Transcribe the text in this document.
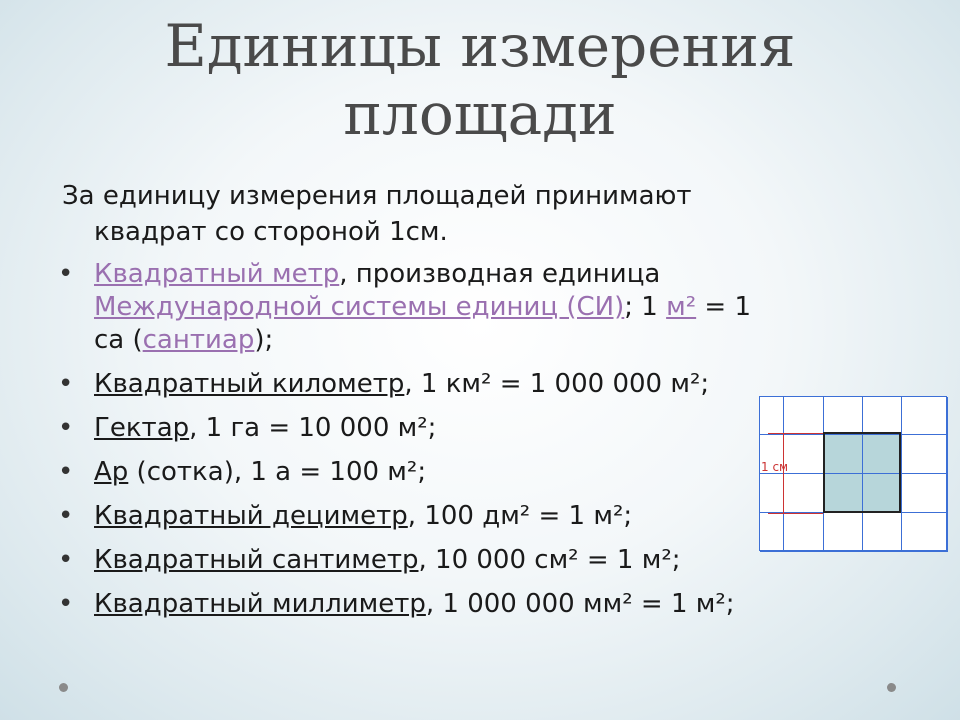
Единицы измерения
площади
За единицу измерения площадей принимают
квадрат со стороной 1см.
• Квадратный метр, производная единица
Международной системы единиц (СИ); 1 м² = 1
са (сантиар);
• Квадратный километр, 1 км² = 1 000 000 м²;
• Гектар, 1 га = 10 000 м²;
• Ар (сотка), 1 а = 100 м²;
• Квадратный дециметр, 100 дм² = 1 м²;
• Квадратный сантиметр, 10 000 см² = 1 м²;
• Квадратный миллиметр, 1 000 000 мм² = 1 м²;
1 см
